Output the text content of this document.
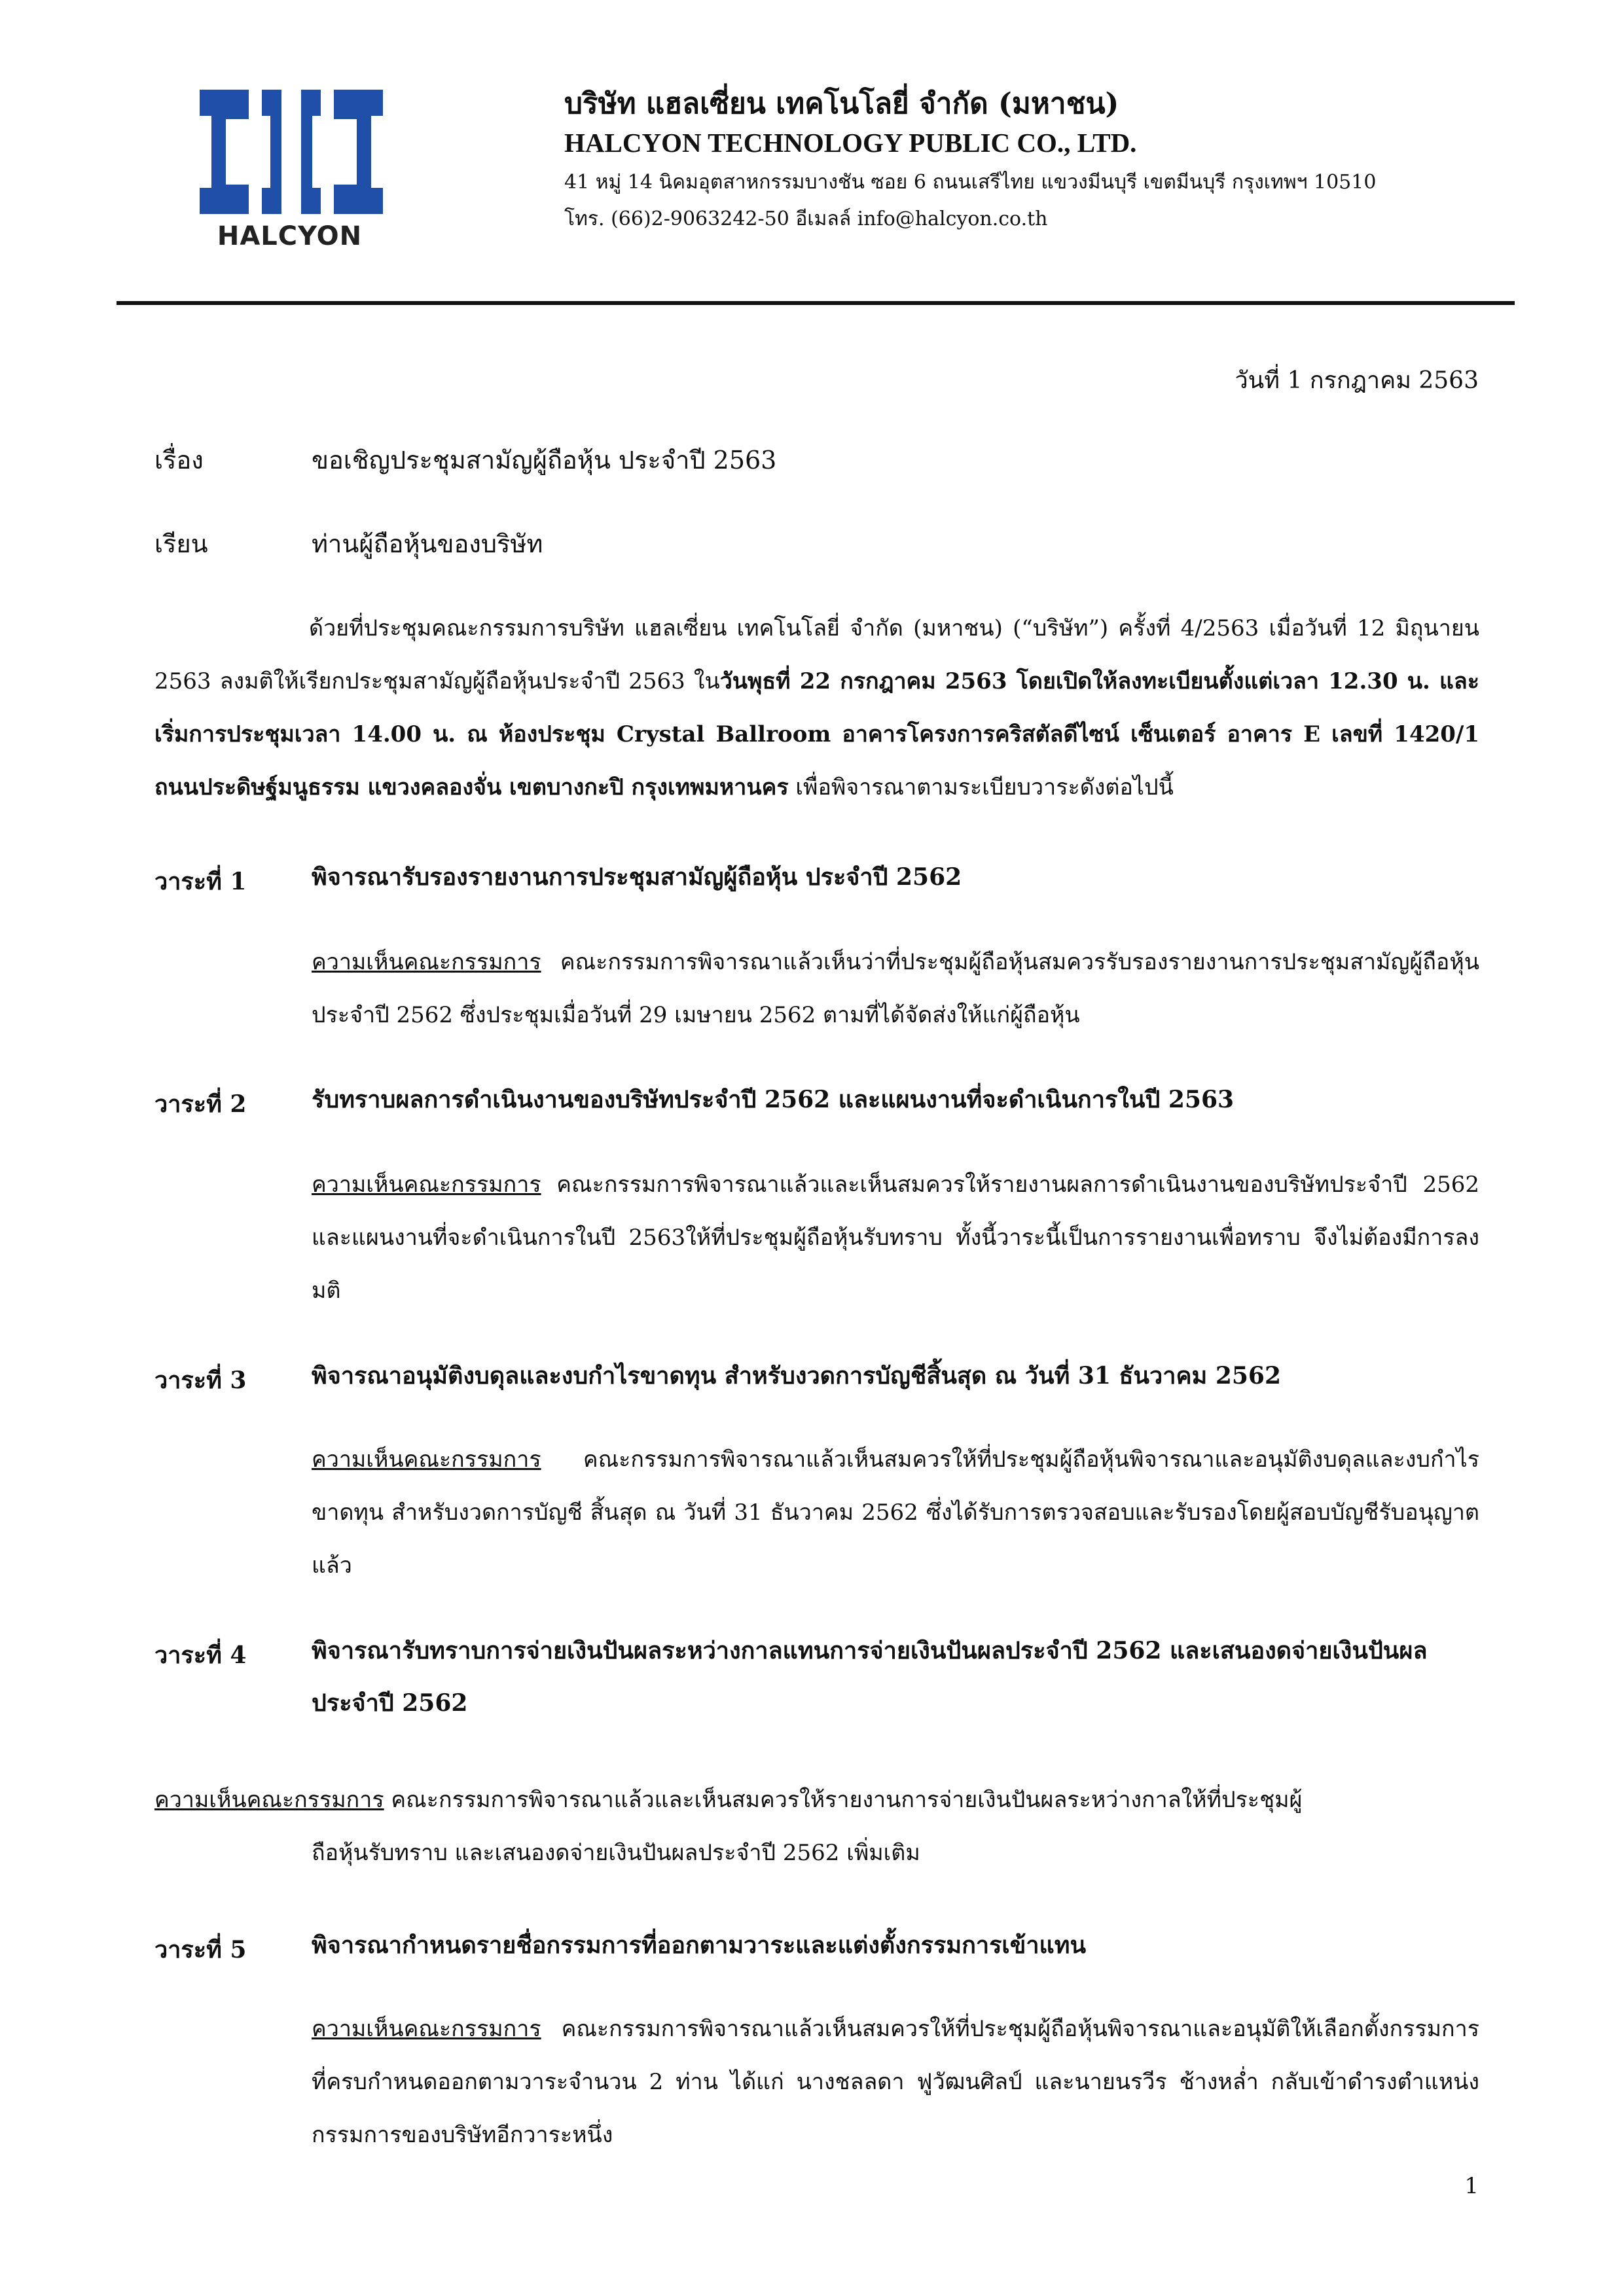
HALCYON
บริษัท แฮลเซี่ยน เทคโนโลยี่ จำกัด (มหาชน)
HALCYON TECHNOLOGY PUBLIC CO., LTD.
41 หมู่ 14 นิคมอุตสาหกรรมบางชัน ซอย 6 ถนนเสรีไทย แขวงมีนบุรี เขตมีนบุรี กรุงเทพฯ 10510
โทร. (66)2-9063242-50 อีเมลล์ info@halcyon.co.th
วันที่ 1 กรกฎาคม 2563
เรื่อง	ขอเชิญประชุมสามัญผู้ถือหุ้น ประจำปี 2563
เรียน	ท่านผู้ถือหุ้นของบริษัท
ด้วยที่ประชุมคณะกรรมการบริษัท แฮลเซี่ยน เทคโนโลยี่ จำกัด (มหาชน) (“บริษัท”) ครั้งที่ 4/2563 เมื่อวันที่ 12 มิถุนายน 2563 ลงมติให้เรียกประชุมสามัญผู้ถือหุ้นประจำปี 2563 ในวันพุธที่ 22 กรกฎาคม 2563 โดยเปิดให้ลงทะเบียนตั้งแต่เวลา 12.30 น. และเริ่มการประชุมเวลา 14.00 น. ณ ห้องประชุม Crystal Ballroom อาคารโครงการคริสตัลดีไซน์ เซ็นเตอร์ อาคาร E เลขที่ 1420/1 ถนนประดิษฐ์มนูธรรม แขวงคลองจั่น เขตบางกะปิ กรุงเทพมหานคร เพื่อพิจารณาตามระเบียบวาระดังต่อไปนี้
วาระที่ 1	พิจารณารับรองรายงานการประชุมสามัญผู้ถือหุ้น ประจำปี 2562
ความเห็นคณะกรรมการ คณะกรรมการพิจารณาแล้วเห็นว่าที่ประชุมผู้ถือหุ้นสมควรรับรองรายงานการประชุมสามัญผู้ถือหุ้น ประจำปี 2562 ซึ่งประชุมเมื่อวันที่ 29 เมษายน 2562 ตามที่ได้จัดส่งให้แก่ผู้ถือหุ้น
วาระที่ 2	รับทราบผลการดำเนินงานของบริษัทประจำปี 2562 และแผนงานที่จะดำเนินการในปี 2563
ความเห็นคณะกรรมการ คณะกรรมการพิจารณาแล้วและเห็นสมควรให้รายงานผลการดำเนินงานของบริษัทประจำปี 2562 และแผนงานที่จะดำเนินการในปี 2563ให้ที่ประชุมผู้ถือหุ้นรับทราบ ทั้งนี้วาระนี้เป็นการรายงานเพื่อทราบ จึงไม่ต้องมีการลงมติ
วาระที่ 3	พิจารณาอนุมัติงบดุลและงบกำไรขาดทุน สำหรับงวดการบัญชีสิ้นสุด ณ วันที่ 31 ธันวาคม 2562
ความเห็นคณะกรรมการ คณะกรรมการพิจารณาแล้วเห็นสมควรให้ที่ประชุมผู้ถือหุ้นพิจารณาและอนุมัติงบดุลและงบกำไรขาดทุน สำหรับงวดการบัญชี สิ้นสุด ณ วันที่ 31 ธันวาคม 2562 ซึ่งได้รับการตรวจสอบและรับรองโดยผู้สอบบัญชีรับอนุญาตแล้ว
วาระที่ 4	พิจารณารับทราบการจ่ายเงินปันผลระหว่างกาลแทนการจ่ายเงินปันผลประจำปี 2562 และเสนองดจ่ายเงินปันผลประจำปี 2562
ความเห็นคณะกรรมการ คณะกรรมการพิจารณาแล้วและเห็นสมควรให้รายงานการจ่ายเงินปันผลระหว่างกาลให้ที่ประชุมผู้
ถือหุ้นรับทราบ และเสนองดจ่ายเงินปันผลประจำปี 2562 เพิ่มเติม
วาระที่ 5	พิจารณากำหนดรายชื่อกรรมการที่ออกตามวาระและแต่งตั้งกรรมการเข้าแทน
ความเห็นคณะกรรมการ คณะกรรมการพิจารณาแล้วเห็นสมควรให้ที่ประชุมผู้ถือหุ้นพิจารณาและอนุมัติให้เลือกตั้งกรรมการที่ครบกำหนดออกตามวาระจำนวน 2 ท่าน ได้แก่ นางชลลดา ฟูวัฒนศิลป์ และนายนรวีร ช้างหล่ำ กลับเข้าดำรงตำแหน่งกรรมการของบริษัทอีกวาระหนึ่ง
1
